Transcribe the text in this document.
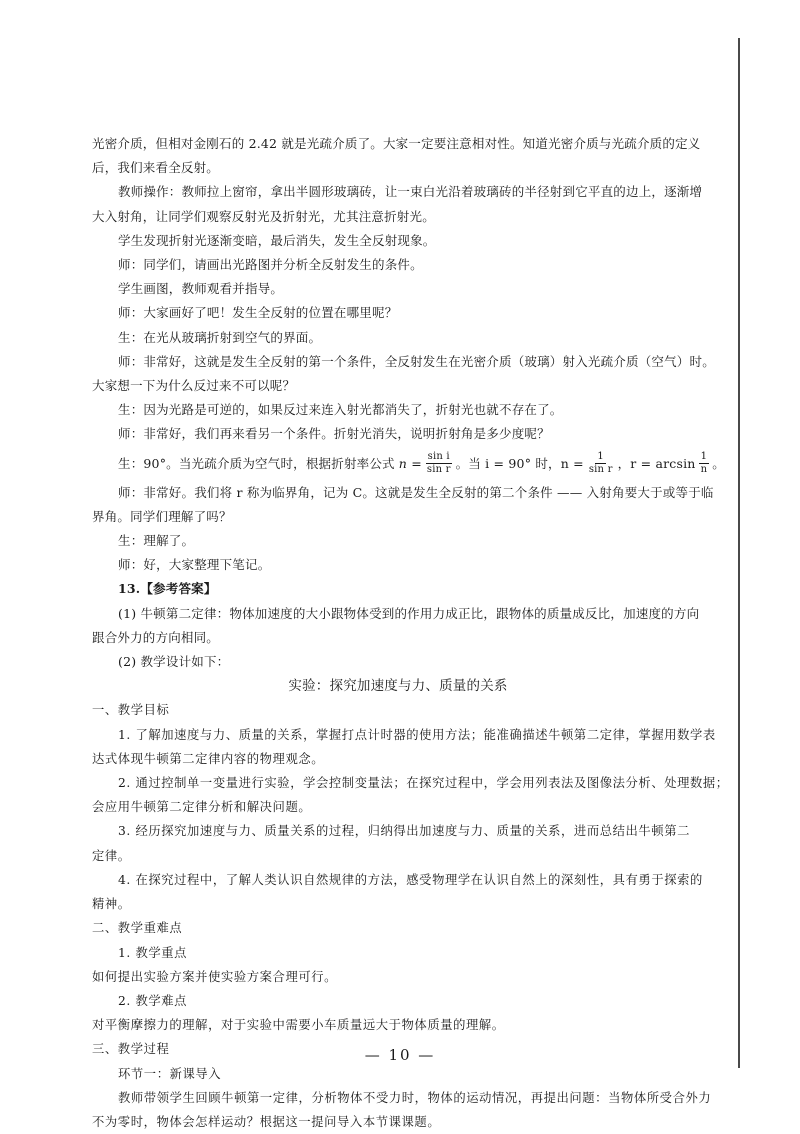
光密介质，但相对金刚石的 2.42 就是光疏介质了。大家一定要注意相对性。知道光密介质与光疏介质的定义

后，我们来看全反射。

教师操作：教师拉上窗帘，拿出半圆形玻璃砖，让一束白光沿着玻璃砖的半径射到它平直的边上，逐渐增

大入射角，让同学们观察反射光及折射光，尤其注意折射光。

学生发现折射光逐渐变暗，最后消失，发生全反射现象。

师：同学们，请画出光路图并分析全反射发生的条件。

学生画图，教师观看并指导。

师：大家画好了吧！发生全反射的位置在哪里呢？

生：在光从玻璃折射到空气的界面。

师：非常好，这就是发生全反射的第一个条件，全反射发生在光密介质（玻璃）射入光疏介质（空气）时。

大家想一下为什么反过来不可以呢？

生：因为光路是可逆的，如果反过来连入射光都消失了，折射光也就不存在了。

师：非常好，我们再来看另一个条件。折射光消失，说明折射角是多少度呢？

生：90°。当光疏介质为空气时，根据折射率公式 $n = \frac{\text{sin i}}{\text{sin r}}$ 。当 i = 90° 时，$n = \frac{1}{\text{sin r}}$ ，$r = \arcsin \frac{1}{n}$ 。

师：非常好。我们将 r 称为临界角，记为 C。这就是发生全反射的第二个条件 —— 入射角要大于或等于临

界角。同学们理解了吗？

生：理解了。

师：好，大家整理下笔记。

13.【参考答案】

(1) 牛顿第二定律：物体加速度的大小跟物体受到的作用力成正比，跟物体的质量成反比，加速度的方向

跟合外力的方向相同。

(2) 教学设计如下：

实验：探究加速度与力、质量的关系

一、教学目标

1. 了解加速度与力、质量的关系，掌握打点计时器的使用方法；能准确描述牛顿第二定律，掌握用数学表

达式体现牛顿第二定律内容的物理观念。

2. 通过控制单一变量进行实验，学会控制变量法；在探究过程中，学会用列表法及图像法分析、处理数据；

会应用牛顿第二定律分析和解决问题。

3. 经历探究加速度与力、质量关系的过程，归纳得出加速度与力、质量的关系，进而总结出牛顿第二

定律。

4. 在探究过程中，了解人类认识自然规律的方法，感受物理学在认识自然上的深刻性，具有勇于探索的

精神。

二、教学重难点

1. 教学重点

如何提出实验方案并使实验方案合理可行。

2. 教学难点

对平衡摩擦力的理解，对于实验中需要小车质量远大于物体质量的理解。

三、教学过程

环节一：新课导入

教师带领学生回顾牛顿第一定律，分析物体不受力时，物体的运动情况，再提出问题：当物体所受合外力

不为零时，物体会怎样运动？根据这一提问导入本节课课题。

— 10 —
